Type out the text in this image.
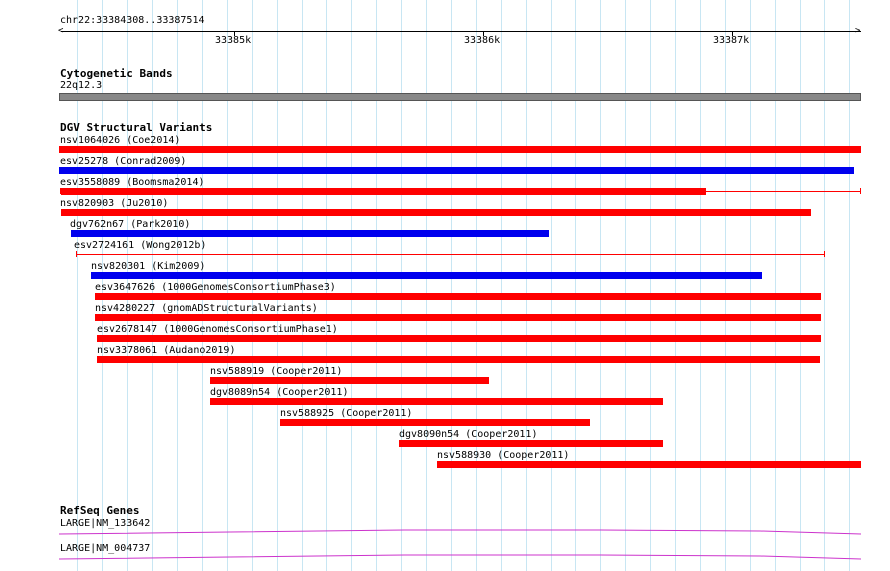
chr22:33384308..33387514
<	>
33385k	33386k	33387k
Cytogenetic Bands
22q12.3
DGV Structural Variants
nsv1064026 (Coe2014)
esv25278 (Conrad2009)
esv3558089 (Boomsma2014)
nsv820903 (Ju2010)
dgv762n67 (Park2010)
esv2724161 (Wong2012b)
nsv820301 (Kim2009)
esv3647626 (1000GenomesConsortiumPhase3)
nsv4280227 (gnomADStructuralVariants)
esv2678147 (1000GenomesConsortiumPhase1)
nsv3378061 (Audano2019)
nsv588919 (Cooper2011)
dgv8089n54 (Cooper2011)
nsv588925 (Cooper2011)
dgv8090n54 (Cooper2011)
nsv588930 (Cooper2011)
RefSeq Genes
LARGE|NM_133642
LARGE|NM_004737
